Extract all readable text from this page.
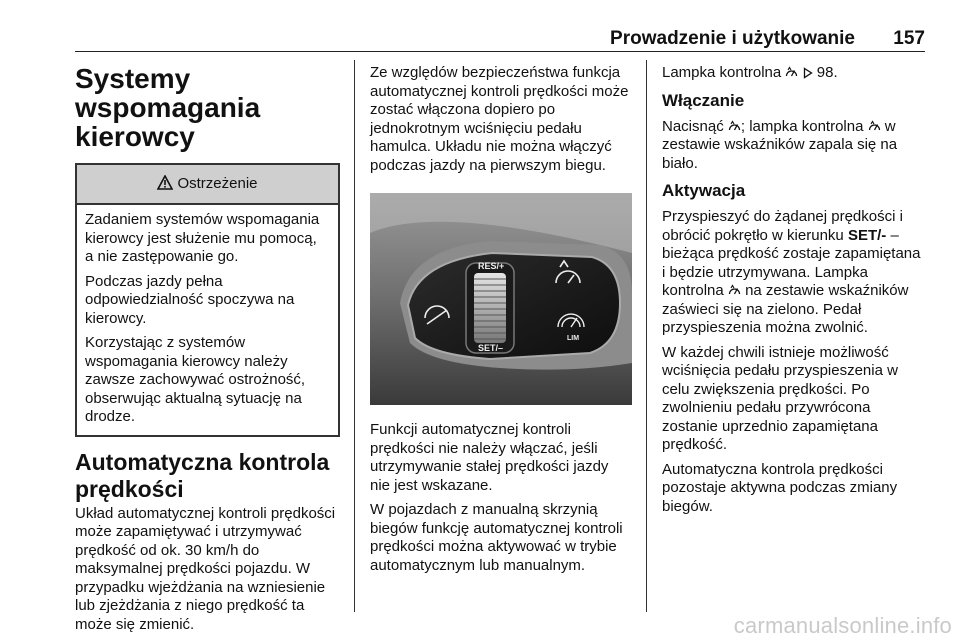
Prowadzenie i użytkowanie 157
Systemy wspomagania kierowcy
Ostrzeżenie

Zadaniem systemów wspomagania kierowcy jest służenie mu pomocą, a nie zastępowanie go.

Podczas jazdy pełna odpowiedzialność spoczywa na kierowcy.

Korzystając z systemów wspomagania kierowcy należy zawsze zachowywać ostrożność, obserwując aktualną sytuację na drodze.

Automatyczna kontrola prędkości

Układ automatycznej kontroli prędkości może zapamiętywać i utrzymywać prędkość od ok. 30 km/h do maksymalnej prędkości pojazdu. W przypadku wjeżdżania na wzniesienie lub zjeżdżania z niego prędkość ta może się zmienić.

Ze względów bezpieczeństwa funkcja automatycznej kontroli prędkości może zostać włączona dopiero po jednokrotnym wciśnięciu pedału hamulca. Układu nie można włączyć podczas jazdy na pierwszym biegu.

RES/+
SET/–
LIM

Funkcji automatycznej kontroli prędkości nie należy włączać, jeśli utrzymywanie stałej prędkości jazdy nie jest wskazane.

W pojazdach z manualną skrzynią biegów funkcję automatycznej kontroli prędkości można aktywować w trybie automatycznym lub manualnym.

Lampka kontrolna 98.

Włączanie

Nacisnąć ; lampka kontrolna w zestawie wskaźników zapala się na biało.

Aktywacja

Przyspieszyć do żądanej prędkości i obrócić pokrętło w kierunku SET/- – bieżąca prędkość zostaje zapamiętana i będzie utrzymywana. Lampka kontrolna na zestawie wskaźników zaświeci się na zielono. Pedał przyspieszenia można zwolnić.

W każdej chwili istnieje możliwość wciśnięcia pedału przyspieszenia w celu zwiększenia prędkości. Po zwolnieniu pedału przywrócona zostanie uprzednio zapamiętana prędkość.

Automatyczna kontrola prędkości pozostaje aktywna podczas zmiany biegów.

carmanualsonline.info
